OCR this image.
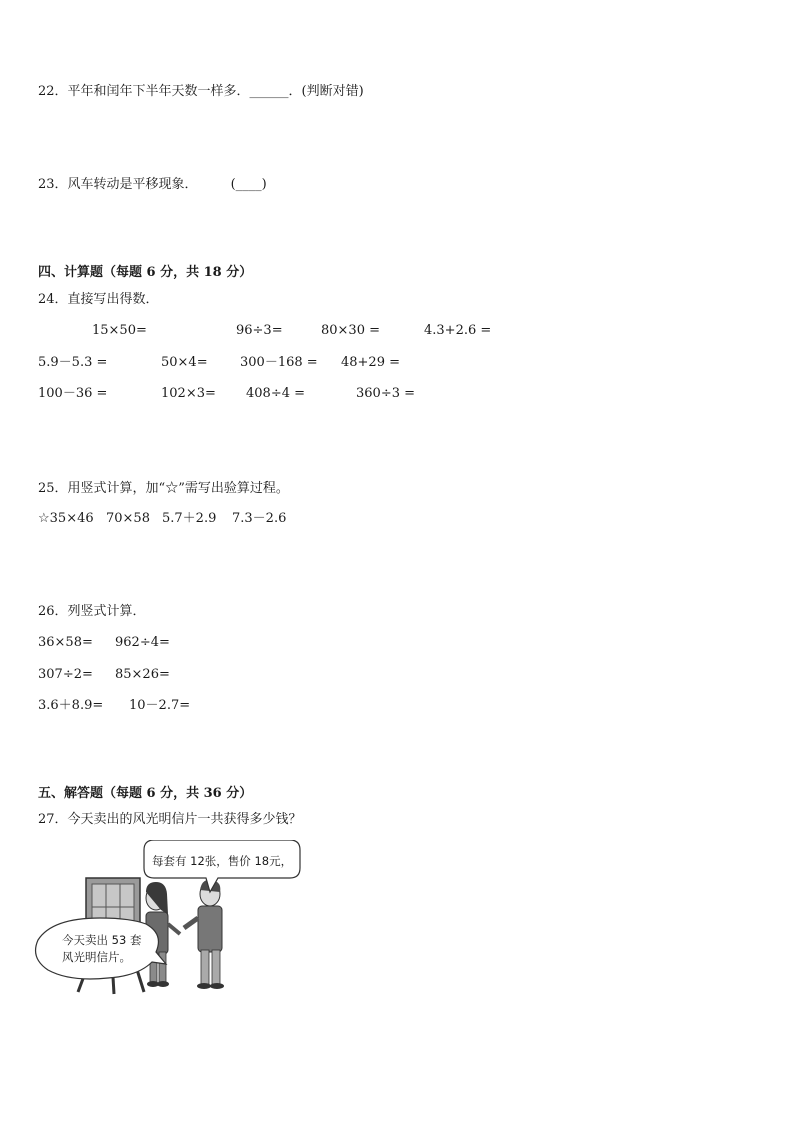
22．平年和闰年下半年天数一样多．______．(判断对错)
23．风车转动是平移现象．        (____)
四、计算题（每题 6 分，共 18 分）
24．直接写出得数．
15×50=	96÷3=	80×30 =	4.3+2.6 =
5.9－5.3 =	50×4= 300－168 = 48+29 =
100－36 =	102×3= 408÷4 =	360÷3 =
25．用竖式计算，加“☆”需写出验算过程。
☆35×46 70×58 5.7＋2.9 7.3－2.6
26．列竖式计算．
36×58= 962÷4=
307÷2= 85×26=
3.6＋8.9= 10－2.7=
五、解答题（每题 6 分，共 36 分）
27．今天卖出的风光明信片一共获得多少钱？
每套有 12张，售价 18元，
今天卖出 53 套
风光明信片。
